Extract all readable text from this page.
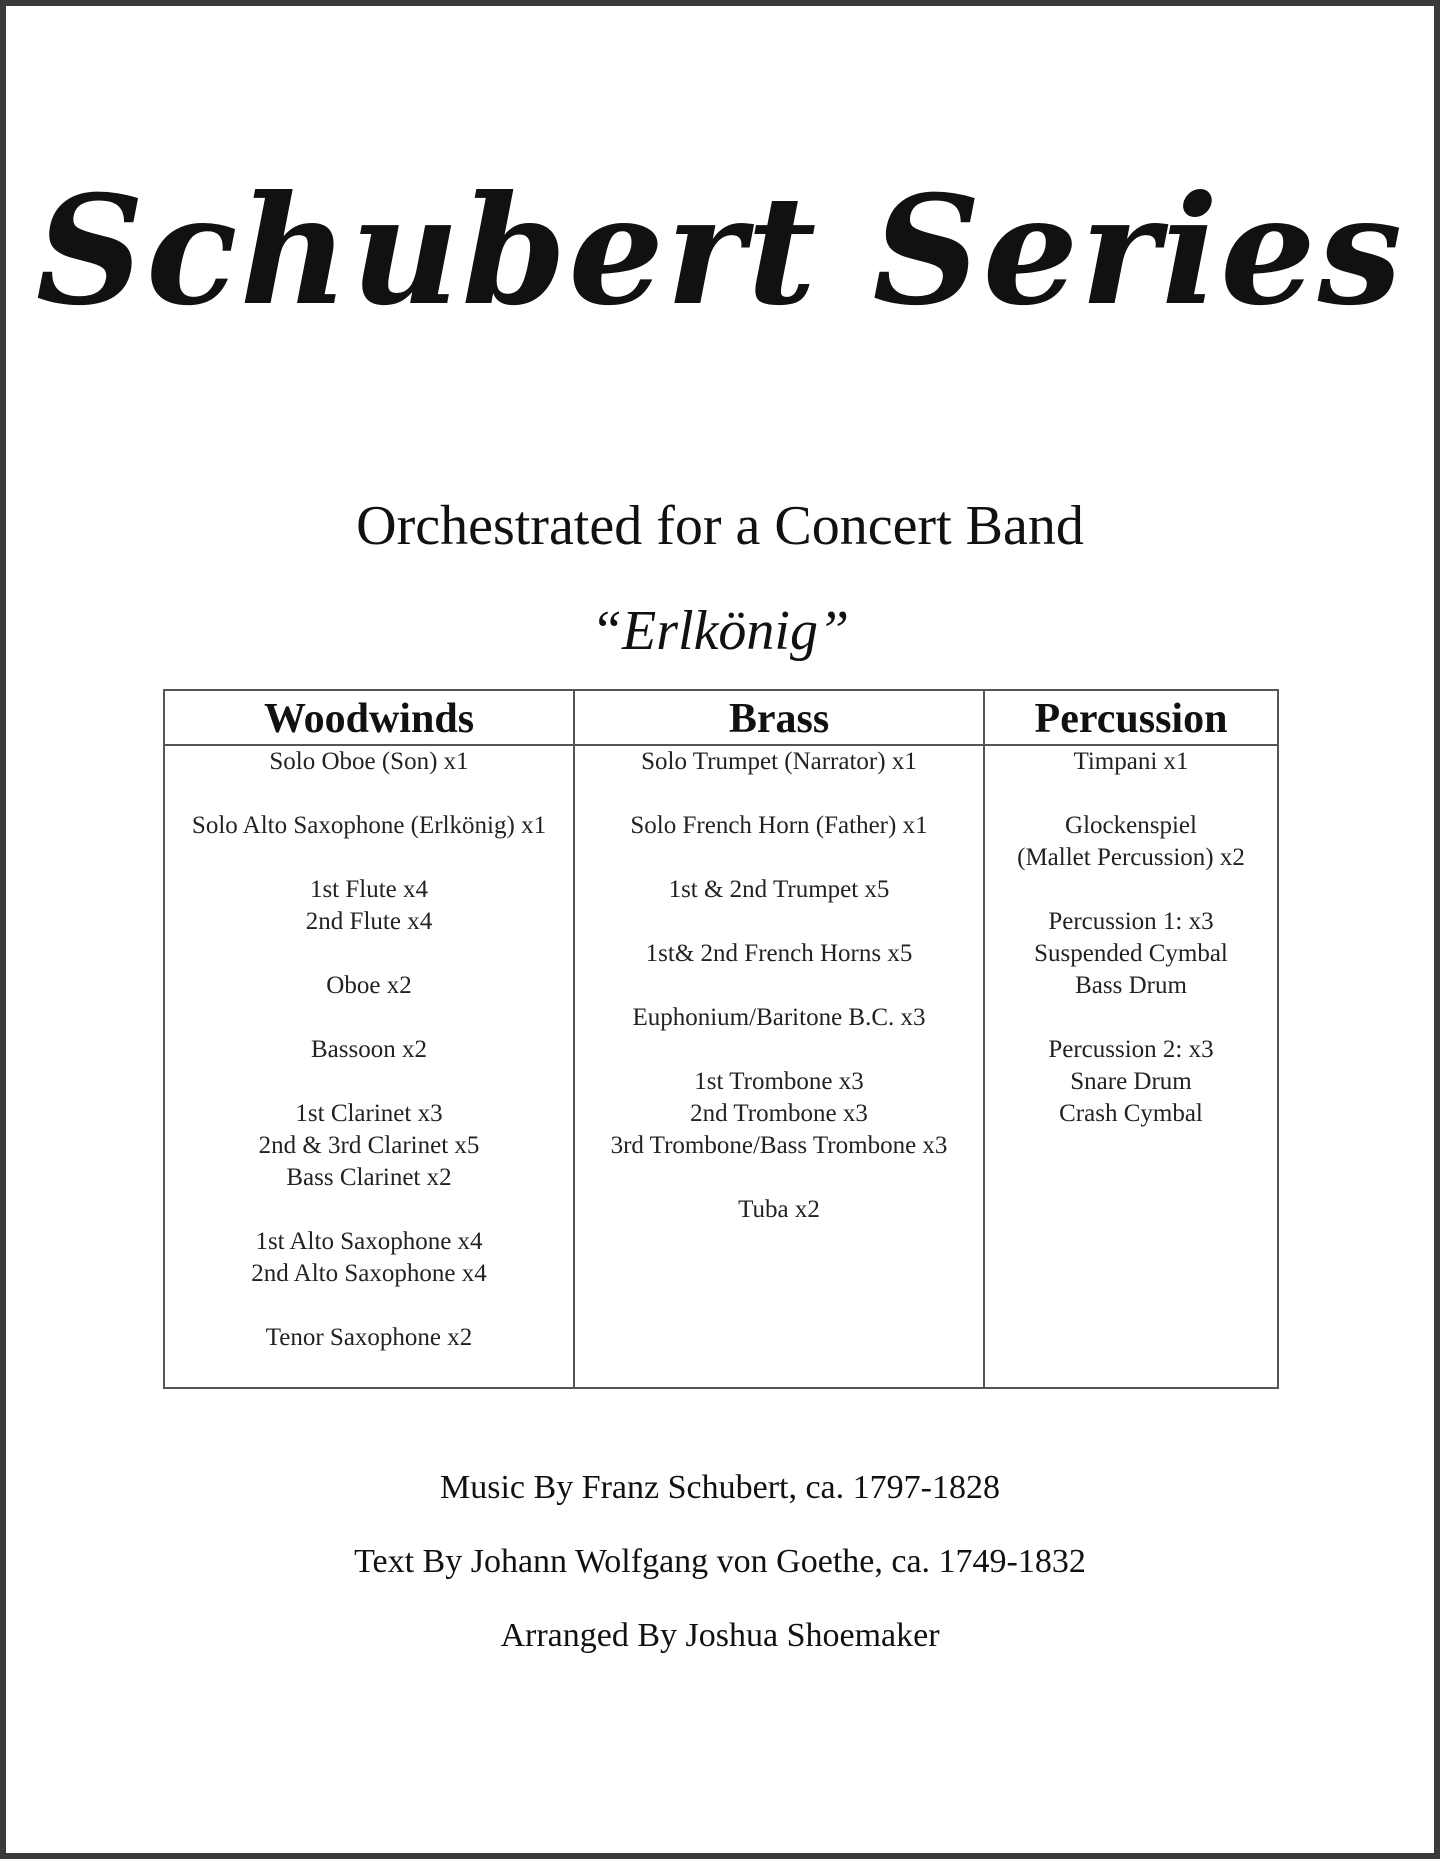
Schubert Series
Orchestrated for a Concert Band
“Erlkönig”
Woodwinds
Solo Oboe (Son) x1
Solo Alto Saxophone (Erlkönig) x1
1st Flute x4
2nd Flute x4
Oboe x2
Bassoon x2
1st Clarinet x3
2nd & 3rd Clarinet x5
Bass Clarinet x2
1st Alto Saxophone x4
2nd Alto Saxophone x4
Tenor Saxophone x2
Brass
Solo Trumpet (Narrator) x1
Solo French Horn (Father) x1
1st & 2nd Trumpet x5
1st& 2nd French Horns x5
Euphonium/Baritone B.C. x3
1st Trombone x3
2nd Trombone x3
3rd Trombone/Bass Trombone x3
Tuba x2
Percussion
Timpani x1
Glockenspiel
(Mallet Percussion) x2
Percussion 1: x3
Suspended Cymbal
Bass Drum
Percussion 2: x3
Snare Drum
Crash Cymbal
Music By Franz Schubert, ca. 1797-1828
Text By Johann Wolfgang von Goethe, ca. 1749-1832
Arranged By Joshua Shoemaker
